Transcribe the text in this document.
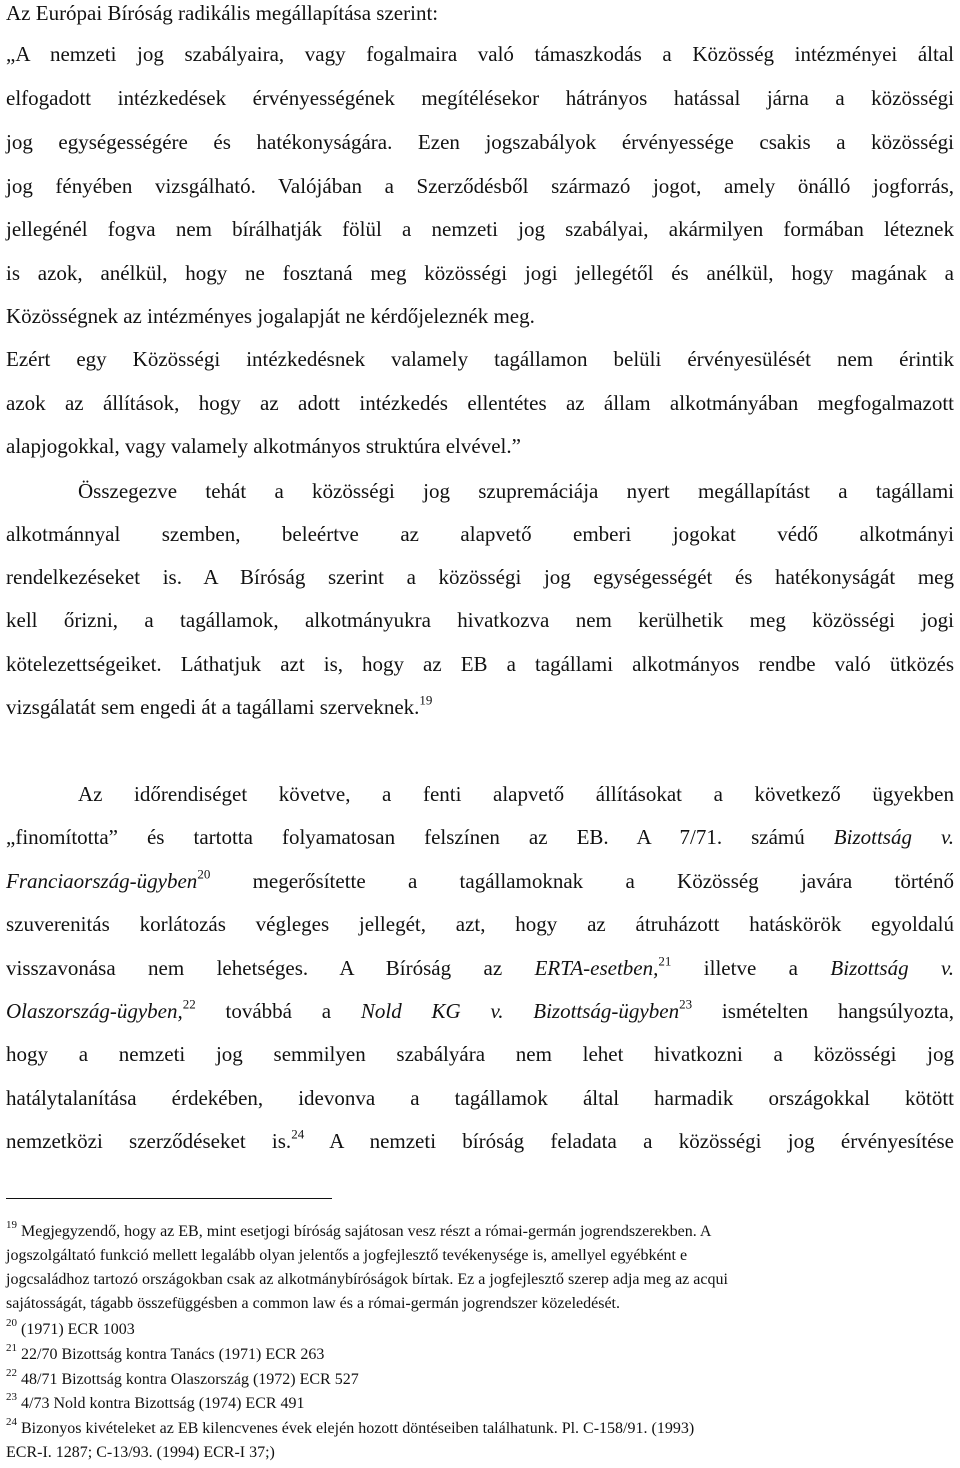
Az Európai Bíróság radikális megállapítása szerint:
„A nemzeti jog szabályaira, vagy fogalmaira való támaszkodás a Közösség intézményei által
elfogadott intézkedések érvényességének megítélésekor hátrányos hatással járna a közösségi
jog egységességére és hatékonyságára. Ezen jogszabályok érvényessége csakis a közösségi
jog fényében vizsgálható. Valójában a Szerződésből származó jogot, amely önálló jogforrás,
jellegénél fogva nem bírálhatják fölül a nemzeti jog szabályai, akármilyen formában léteznek
is azok, anélkül, hogy ne fosztaná meg közösségi jogi jellegétől és anélkül, hogy magának a
Közösségnek az intézményes jogalapját ne kérdőjeleznék meg.
Ezért egy Közösségi intézkedésnek valamely tagállamon belüli érvényesülését nem érintik
azok az állítások, hogy az adott intézkedés ellentétes az állam alkotmányában megfogalmazott
alapjogokkal, vagy valamely alkotmányos struktúra elvével.”
Összegezve tehát a közösségi jog szupremáciája nyert megállapítást a tagállami
alkotmánnyal szemben, beleértve az alapvető emberi jogokat védő alkotmányi
rendelkezéseket is. A Bíróság szerint a közösségi jog egységességét és hatékonyságát meg
kell őrizni, a tagállamok, alkotmányukra hivatkozva nem kerülhetik meg közösségi jogi
kötelezettségeiket. Láthatjuk azt is, hogy az EB a tagállami alkotmányos rendbe való ütközés
vizsgálatát sem engedi át a tagállami szerveknek.$^{19}$
Az időrendiséget követve, a fenti alapvető állításokat a következő ügyekben
„finomította” és tartotta folyamatosan felszínen az EB. A 7/71. számú Bizottság v.
Franciaország-ügyben$^{20}$ megerősítette a tagállamoknak a Közösség javára történő
szuverenitás korlátozás végleges jellegét, azt, hogy az átruházott hatáskörök egyoldalú
visszavonása nem lehetséges. A Bíróság az ERTA-esetben,$^{21}$ illetve a Bizottság v.
Olaszország-ügyben,$^{22}$ továbbá a Nold KG v. Bizottság-ügyben$^{23}$ ismételten hangsúlyozta,
hogy a nemzeti jog semmilyen szabályára nem lehet hivatkozni a közösségi jog
hatálytalanítása érdekében, idevonva a tagállamok által harmadik országokkal kötött
nemzetközi szerződéseket is.$^{24}$ A nemzeti bíróság feladata a közösségi jog érvényesítése
$^{19}$ Megjegyzendő, hogy az EB, mint esetjogi bíróság sajátosan vesz részt a római-germán jogrendszerekben. A
jogszolgáltató funkció mellett legalább olyan jelentős a jogfejlesztő tevékenysége is, amellyel egyébként e
jogcsaládhoz tartozó országokban csak az alkotmánybíróságok bírtak. Ez a jogfejlesztő szerep adja meg az acqui
sajátosságát, tágabb összefüggésben a common law és a római-germán jogrendszer közeledését.
$^{20}$ (1971) ECR 1003
$^{21}$ 22/70 Bizottság kontra Tanács (1971) ECR 263
$^{22}$ 48/71 Bizottság kontra Olaszország (1972) ECR 527
$^{23}$ 4/73 Nold kontra Bizottság (1974) ECR 491
$^{24}$ Bizonyos kivételeket az EB kilencvenes évek elején hozott döntéseiben találhatunk. Pl. C-158/91. (1993)
ECR-I. 1287; C-13/93. (1994) ECR-I 37;)
